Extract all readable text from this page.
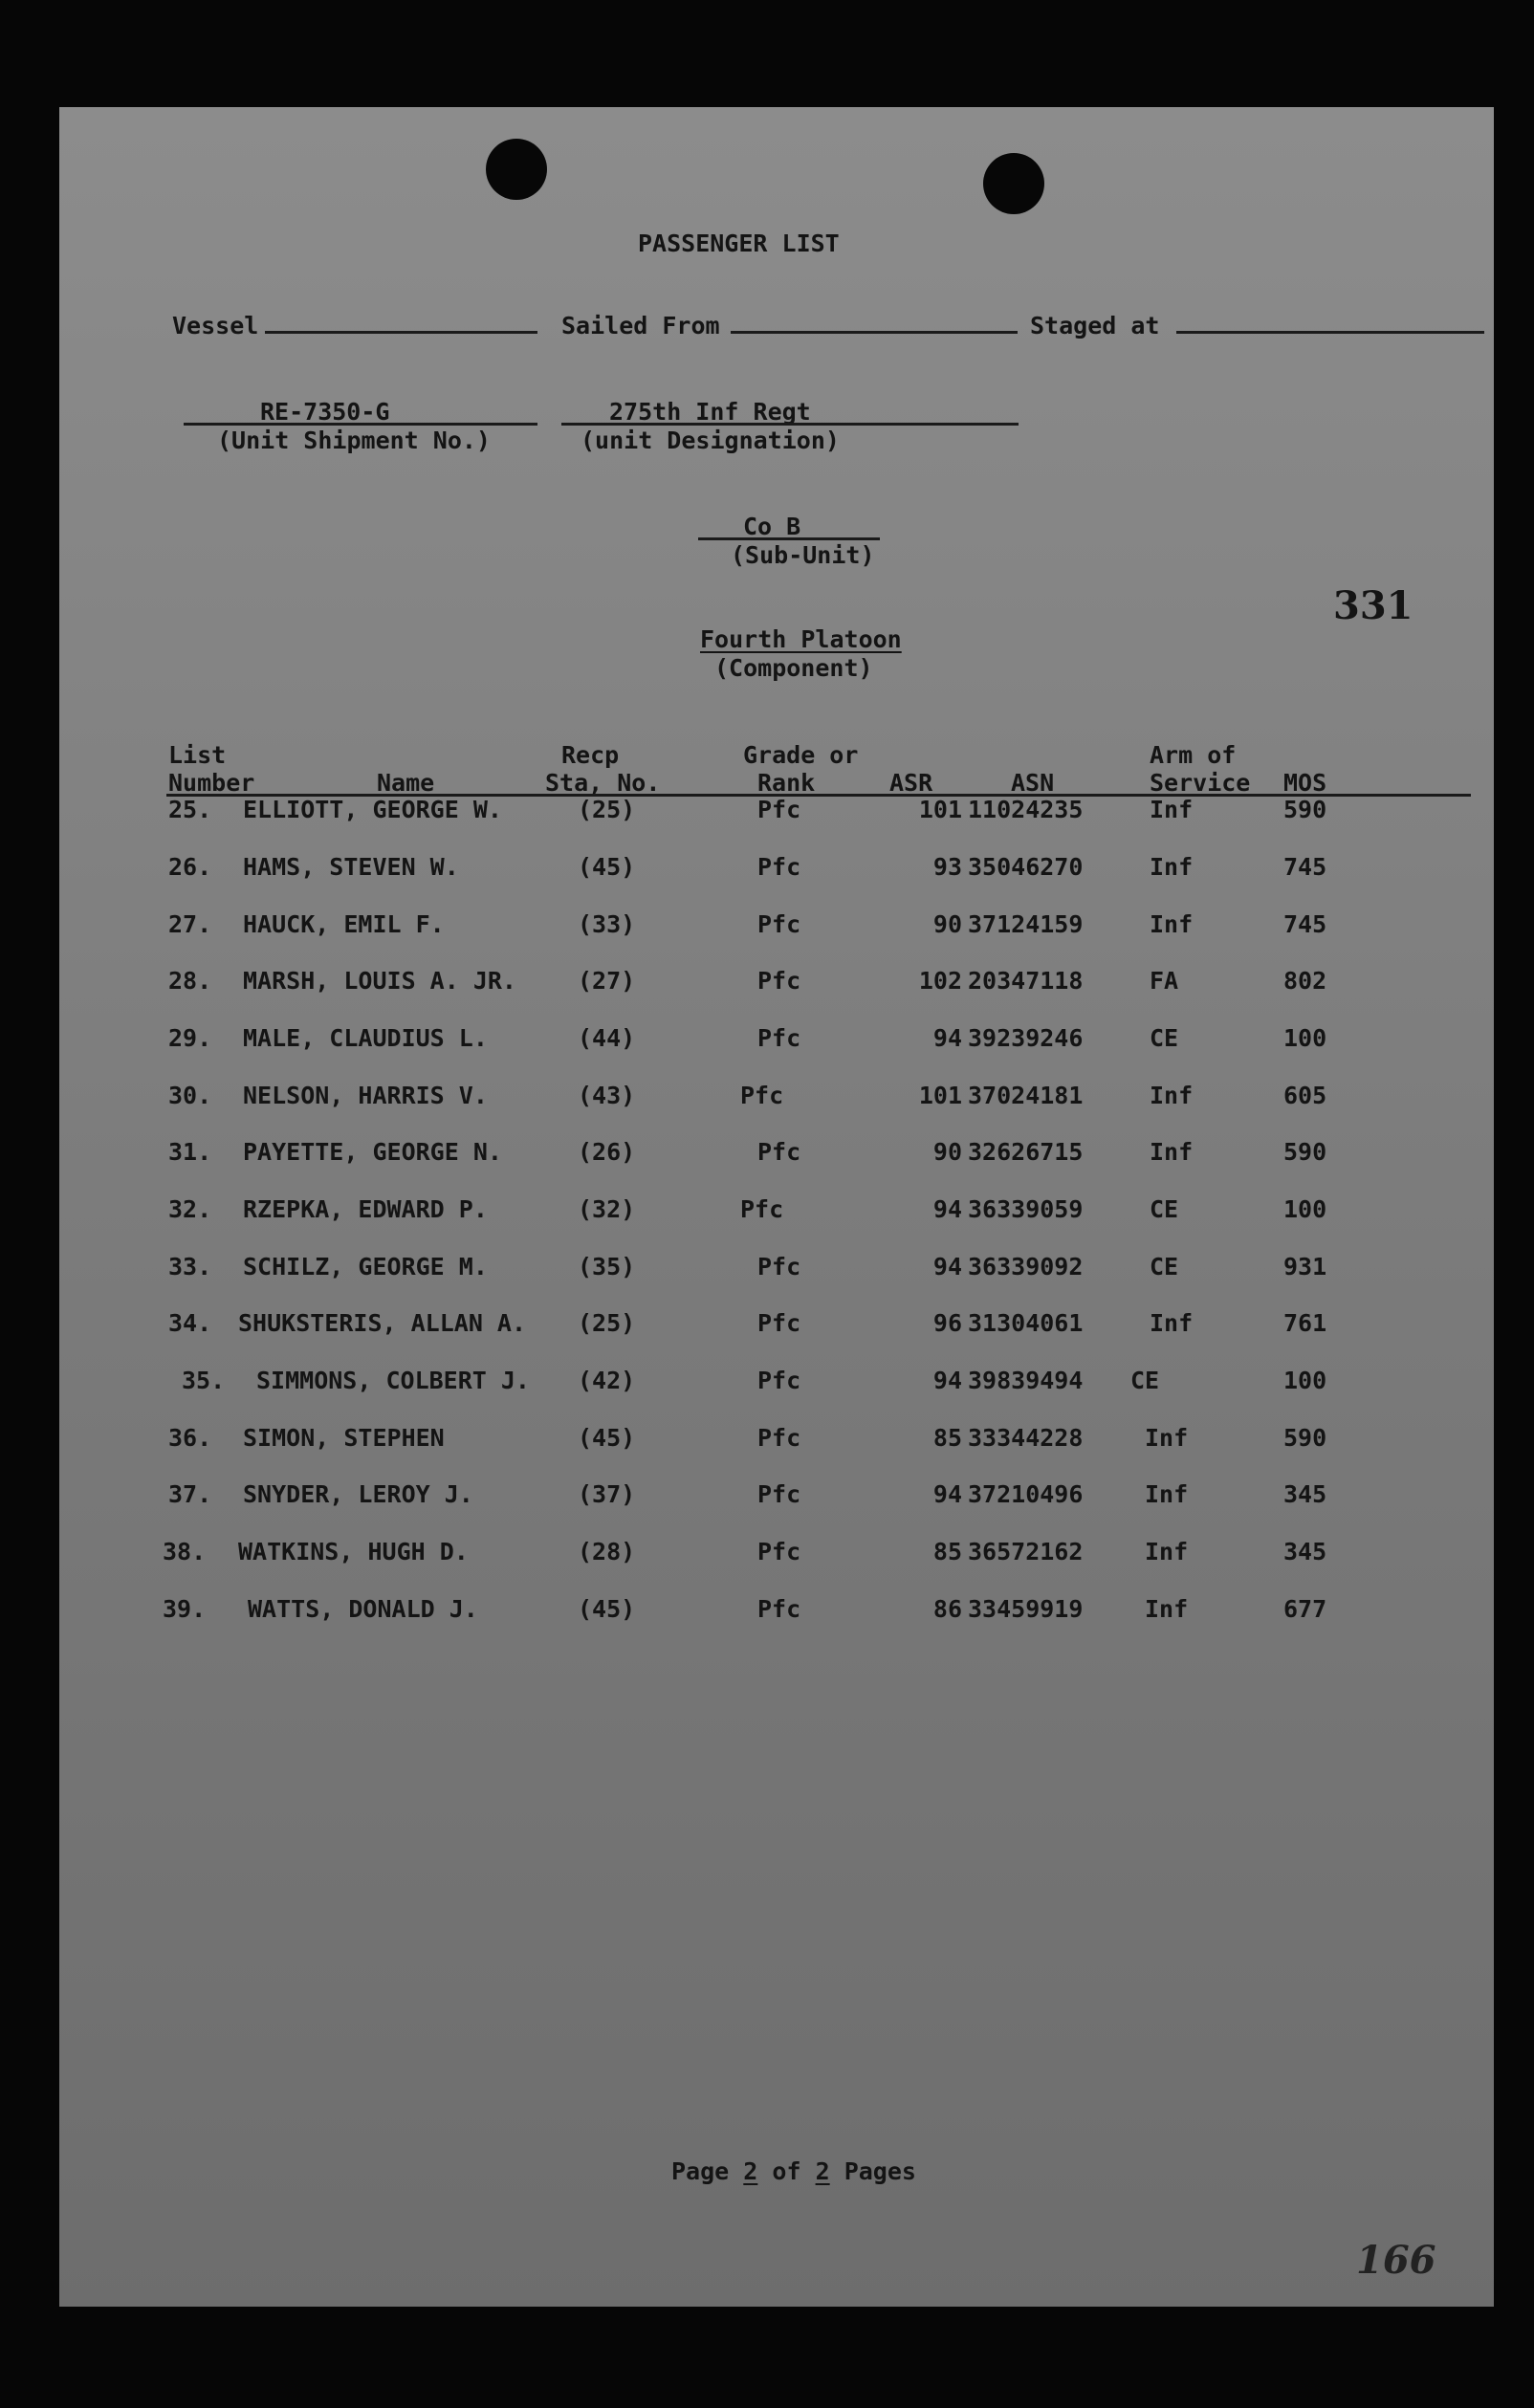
PASSENGER LIST
Vessel	Sailed From	Staged at
RE-7350-G
(Unit Shipment No.)
275th Inf Regt
(unit Designation)
Co B
(Sub-Unit)
331
Fourth Platoon
(Component)
List
Number	Name
Recp
Sta, No.
Grade or
Rank	ASR	ASN
Arm of
Service MOS
25. ELLIOTT, GEORGE W.	(25)	Pfc	101 11024235	Inf	590
26. HAMS, STEVEN W.	(45)	Pfc	93 35046270	Inf	745
27. HAUCK, EMIL F.	(33)	Pfc	90 37124159	Inf	745
28. MARSH, LOUIS A. JR.	(27)	Pfc	102 20347118	FA	802
29. MALE, CLAUDIUS L.	(44)	Pfc	94 39239246	CE	100
30. NELSON, HARRIS V.	(43)	Pfc	101 37024181	Inf	605
31. PAYETTE, GEORGE N.	(26)	Pfc	90 32626715	Inf	590
32. RZEPKA, EDWARD P.	(32)	Pfc	94 36339059	CE	100
33. SCHILZ, GEORGE M.	(35)	Pfc	94 36339092	CE	931
34. SHUKSTERIS, ALLAN A. (25)	Pfc	96 31304061	Inf	761
35. SIMMONS, COLBERT J. (42)	Pfc	94 39839494 CE	100
36. SIMON, STEPHEN	(45)	Pfc	85 33344228	Inf	590
37. SNYDER, LEROY J.	(37)	Pfc	94 37210496	Inf	345
38. WATKINS, HUGH D.	(28)	Pfc	85 36572162	Inf	345
39. WATTS, DONALD J.	(45)	Pfc	86 33459919	Inf	677
Page 2 of 2 Pages
166
